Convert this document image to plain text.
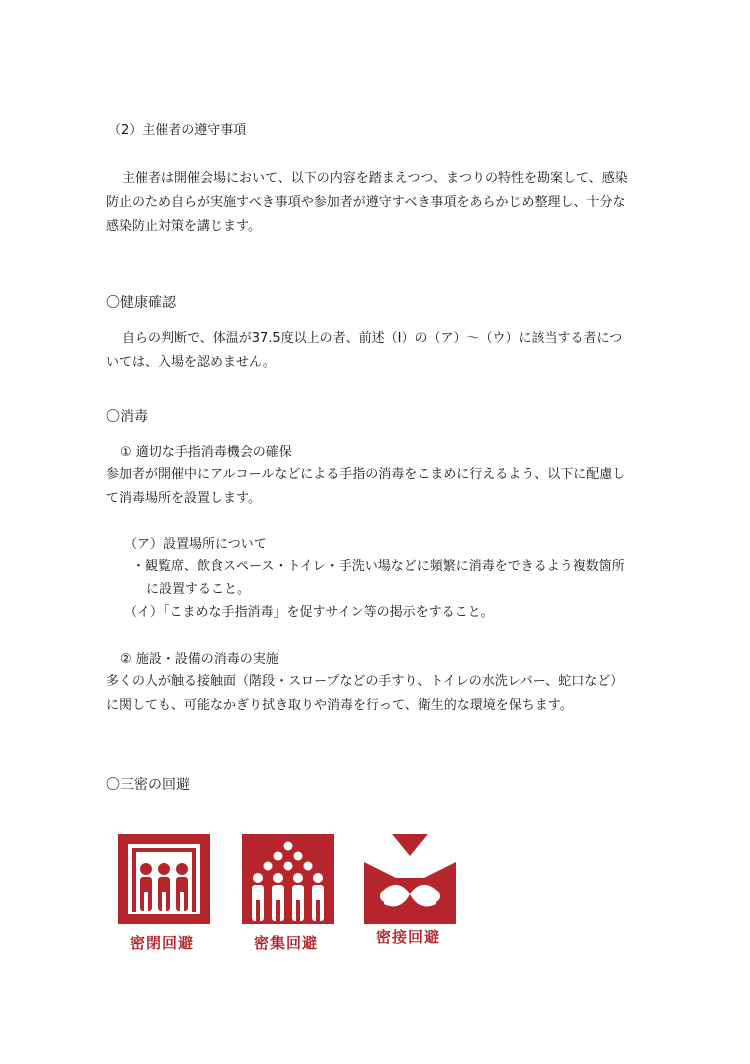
（2）主催者の遵守事項
主催者は開催会場において、以下の内容を踏まえつつ、まつりの特性を勘案して、感染
防止のため自らが実施すべき事項や参加者が遵守すべき事項をあらかじめ整理し、十分な
感染防止対策を講じます。
〇健康確認
自らの判断で、体温が37.5度以上の者、前述（Ⅰ）の（ア）～（ウ）に該当する者につ
いては、入場を認めません。
〇消毒
① 適切な手指消毒機会の確保
参加者が開催中にアルコールなどによる手指の消毒をこまめに行えるよう、以下に配慮し
て消毒場所を設置します。
（ア）設置場所について
・観覧席、飲食スペース・トイレ・手洗い場などに頻繁に消毒をできるよう複数箇所
に設置すること。
（イ）「こまめな手指消毒」を促すサイン等の掲示をすること。
② 施設・設備の消毒の実施
多くの人が触る接触面（階段・スロープなどの手すり、トイレの水洗レバー、蛇口など）
に関しても、可能なかぎり拭き取りや消毒を行って、衛生的な環境を保ちます。
〇三密の回避
密閉回避	密集回避	密接回避
